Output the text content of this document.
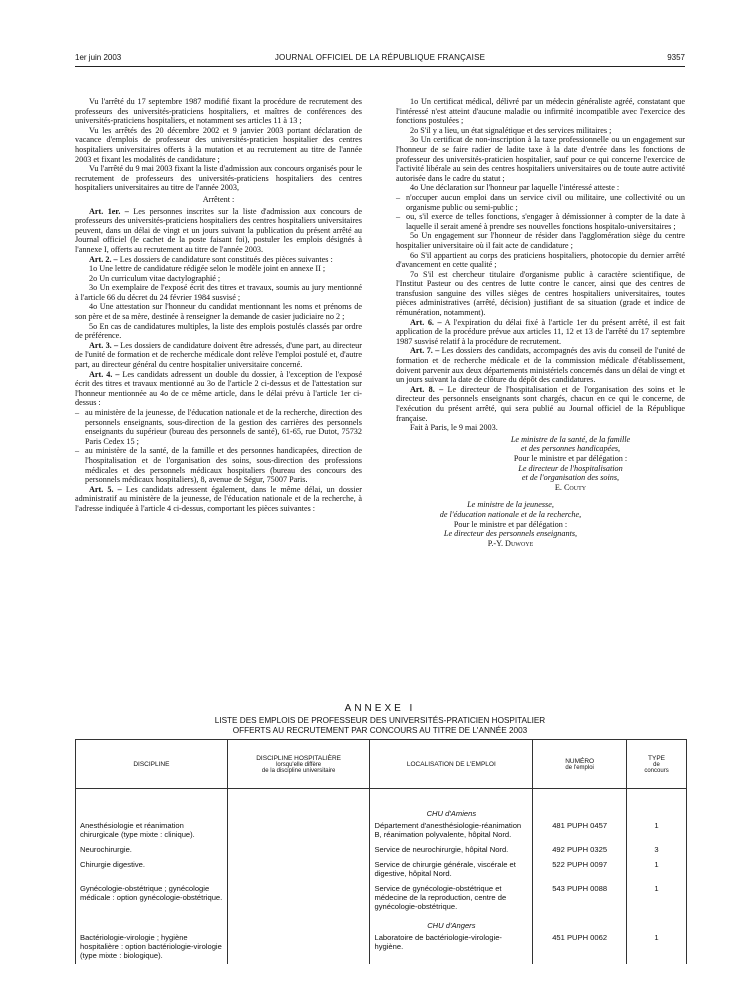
1er juin 2003	JOURNAL OFFICIEL DE LA RÉPUBLIQUE FRANÇAISE	9357

Vu l'arrêté du 17 septembre 1987 modifié fixant la procédure de recrutement des professeurs des universités-praticiens hospitaliers, et maîtres de conférences des universités-praticiens hospitaliers, et notamment ses articles 11 à 13 ;

Vu les arrêtés des 20 décembre 2002 et 9 janvier 2003 portant déclaration de vacance d'emplois de professeur des universités-praticien hospitalier des centres hospitaliers universitaires offerts à la mutation et au recrutement au titre de l'année 2003 et fixant les modalités de candidature ;

Vu l'arrêté du 9 mai 2003 fixant la liste d'admission aux concours organisés pour le recrutement de professeurs des universités-praticiens hospitaliers des centres hospitaliers universitaires au titre de l'année 2003,

Arrêtent :

Art. 1er. – Les personnes inscrites sur la liste d'admission aux concours de professeurs des universités-praticiens hospitaliers des centres hospitaliers universitaires peuvent, dans un délai de vingt et un jours suivant la publication du présent arrêté au Journal officiel (le cachet de la poste faisant foi), postuler les emplois désignés à l'annexe I, offerts au recrutement au titre de l'année 2003.

Art. 2. – Les dossiers de candidature sont constitués des pièces suivantes :

1o Une lettre de candidature rédigée selon le modèle joint en annexe II ;

2o Un curriculum vitae dactylographié ;

3o Un exemplaire de l'exposé écrit des titres et travaux, soumis au jury mentionné à l'article 66 du décret du 24 février 1984 susvisé ;

4o Une attestation sur l'honneur du candidat mentionnant les noms et prénoms de son père et de sa mère, destinée à renseigner la demande de casier judiciaire no 2 ;

5o En cas de candidatures multiples, la liste des emplois postulés classés par ordre de préférence.

Art. 3. – Les dossiers de candidature doivent être adressés, d'une part, au directeur de l'unité de formation et de recherche médicale dont relève l'emploi postulé et, d'autre part, au directeur général du centre hospitalier universitaire concerné.

Art. 4. – Les candidats adressent un double du dossier, à l'exception de l'exposé écrit des titres et travaux mentionné au 3o de l'article 2 ci-dessus et de l'attestation sur l'honneur mentionnée au 4o de ce même article, dans le délai prévu à l'article 1er ci-dessus :

– au ministère de la jeunesse, de l'éducation nationale et de la recherche, direction des personnels enseignants, sous-direction de la gestion des carrières des personnels enseignants du supérieur (bureau des personnels de santé), 61-65, rue Dutot, 75732 Paris Cedex 15 ;

– au ministère de la santé, de la famille et des personnes handicapées, direction de l'hospitalisation et de l'organisation des soins, sous-direction des professions médicales et des personnels médicaux hospitaliers (bureau des concours des personnels médicaux hospitaliers), 8, avenue de Ségur, 75007 Paris.

Art. 5. – Les candidats adressent également, dans le même délai, un dossier administratif au ministère de la jeunesse, de l'éducation nationale et de la recherche, à l'adresse indiquée à l'article 4 ci-dessus, comportant les pièces suivantes :

1o Un certificat médical, délivré par un médecin généraliste agréé, constatant que l'intéressé n'est atteint d'aucune maladie ou infirmité incompatible avec l'exercice des fonctions postulées ;

2o S'il y a lieu, un état signalétique et des services militaires ;

3o Un certificat de non-inscription à la taxe professionnelle ou un engagement sur l'honneur de se faire radier de ladite taxe à la date d'entrée dans les fonctions de professeur des universités-praticien hospitalier, sauf pour ce qui concerne l'exercice de l'activité libérale au sein des centres hospitaliers universitaires ou de toute autre activité autorisée dans le cadre du statut ;

4o Une déclaration sur l'honneur par laquelle l'intéressé atteste :

– n'occuper aucun emploi dans un service civil ou militaire, une collectivité ou un organisme public ou semi-public ;

– ou, s'il exerce de telles fonctions, s'engager à démissionner à compter de la date à laquelle il serait amené à prendre ses nouvelles fonctions hospitalo-universitaires ;

5o Un engagement sur l'honneur de résider dans l'agglomération siège du centre hospitalier universitaire où il fait acte de candidature ;

6o S'il appartient au corps des praticiens hospitaliers, photocopie du dernier arrêté d'avancement en cette qualité ;

7o S'il est chercheur titulaire d'organisme public à caractère scientifique, de l'Institut Pasteur ou des centres de lutte contre le cancer, ainsi que des centres de transfusion sanguine des villes sièges de centres hospitaliers universitaires, toutes pièces administratives (arrêté, décision) justifiant de sa situation (grade et indice de rémunération, notamment).

Art. 6. – A l'expiration du délai fixé à l'article 1er du présent arrêté, il est fait application de la procédure prévue aux articles 11, 12 et 13 de l'arrêté du 17 septembre 1987 susvisé relatif à la procédure de recrutement.

Art. 7. – Les dossiers des candidats, accompagnés des avis du conseil de l'unité de formation et de recherche médicale et de la commission médicale d'établissement, doivent parvenir aux deux départements ministériels concernés dans un délai de vingt et un jours suivant la date de clôture du dépôt des candidatures.

Art. 8. – Le directeur de l'hospitalisation et de l'organisation des soins et le directeur des personnels enseignants sont chargés, chacun en ce qui le concerne, de l'exécution du présent arrêté, qui sera publié au Journal officiel de la République française.

Fait à Paris, le 9 mai 2003.

Le ministre de la santé, de la famille

et des personnes handicapées,

Pour le ministre et par délégation :

Le directeur de l'hospitalisation

et de l'organisation des soins,

E. Couty

Le ministre de la jeunesse,

de l'éducation nationale et de la recherche,

Pour le ministre et par délégation :

Le directeur des personnels enseignants,

P.-Y. Duwoye

ANNEXE I
LISTE DES EMPLOIS DE PROFESSEUR DES UNIVERSITÉS-PRATICIEN HOSPITALIER
OFFERTS AU RECRUTEMENT PAR CONCOURS AU TITRE DE L'ANNÉE 2003
DISCIPLINE	DISCIPLINE HOSPITALIÈRE
lorsqu'elle diffère
de la discipline universitaire	LOCALISATION DE L'EMPLOI	NUMÉRO
de l'emploi	TYPE
de
concours

		CHU d'Amiens		
Anesthésiologie et réanimation chirurgicale (type mixte : clinique).		Département d'anesthésiologie-réanimation B, réanimation polyvalente, hôpital Nord.	481 PUPH 0457	1
Neurochirurgie.		Service de neurochirurgie, hôpital Nord.	492 PUPH 0325	3
Chirurgie digestive.		Service de chirurgie générale, viscérale et digestive, hôpital Nord.	522 PUPH 0097	1
Gynécologie-obstétrique ; gynécologie médicale : option gynécologie-obstétrique.		Service de gynécologie-obstétrique et médecine de la reproduction, centre de gynécologie-obstétrique.	543 PUPH 0088	1
		CHU d'Angers		
Bactériologie-virologie ; hygiène hospitalière : option bactériologie-virologie (type mixte : biologique).		Laboratoire de bactériologie-virologie-hygiène.	451 PUPH 0062	1
